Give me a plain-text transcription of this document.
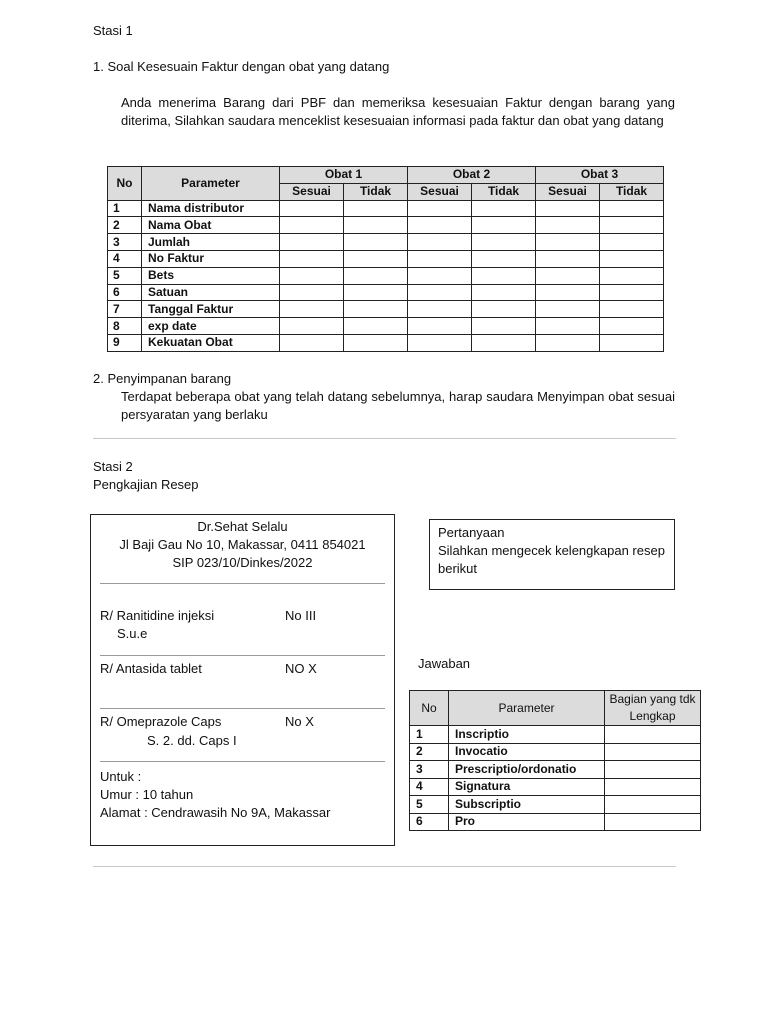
Stasi 1

1. Soal Kesesuain Faktur dengan obat yang datang

Anda menerima Barang dari PBF dan memeriksa kesesuaian Faktur dengan barang yang diterima, Silahkan saudara menceklist kesesuaian informasi pada faktur dan obat yang datang

No	Parameter	Obat 1		Obat 2		Obat 3	
		Sesuai	Tidak	Sesuai	Tidak	Sesuai	Tidak
1	Nama distributor						
2	Nama Obat						
3	Jumlah						
4	No Faktur						
5	Bets						
6	Satuan						
7	Tanggal Faktur						
8	exp date						
9	Kekuatan Obat						

2. Penyimpanan barang

Terdapat beberapa obat yang telah datang sebelumnya, harap saudara Menyimpan obat sesuai persyaratan yang berlaku

Stasi 2

Pengkajian Resep

Dr.Sehat Selalu
Jl Baji Gau No 10, Makassar, 0411 854021
SIP 023/10/Dinkes/2022
R/ Ranitidine injeksi	No III
S.u.e
R/ Antasida tablet	NO X
R/ Omeprazole Caps	No X
S. 2. dd. Caps I
Untuk :
Umur : 10 tahun
Alamat : Cendrawasih No 9A, Makassar

Pertanyaan

Silahkan mengecek kelengkapan resep berikut

Jawaban

No	Parameter	Bagian yang tdk Lengkap
1	Inscriptio	
2	Invocatio	
3	Prescriptio/ordonatio	
4	Signatura	
5	Subscriptio	
6	Pro	
